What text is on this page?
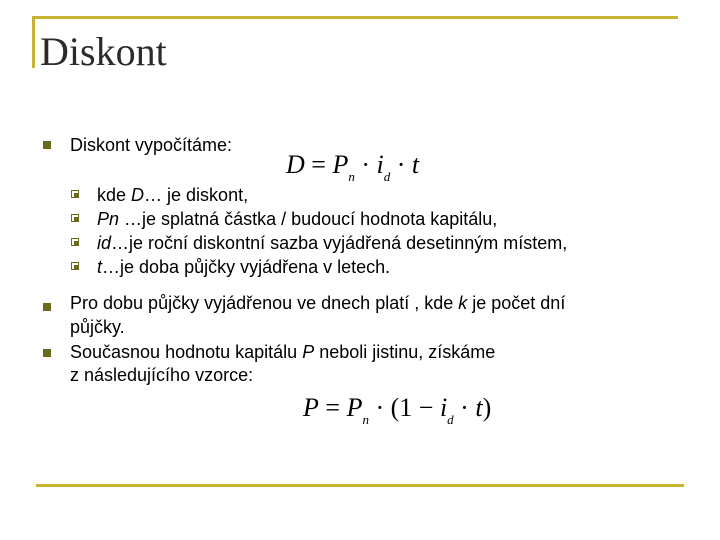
Diskont
Diskont vypočítáme:
$D = P_n \cdot i_d \cdot t$
kde D… je diskont,
Pn …je splatná částka / budoucí hodnota kapitálu,
id…je roční diskontní sazba vyjádřená desetinným místem,
t…je doba půjčky vyjádřena v letech.
Pro dobu půjčky vyjádřenou ve dnech platí , kde k je počet dní
půjčky.
Současnou hodnotu kapitálu P neboli jistinu, získáme
z následujícího vzorce:
$P = P_n \cdot (1 - i_d \cdot t)$
